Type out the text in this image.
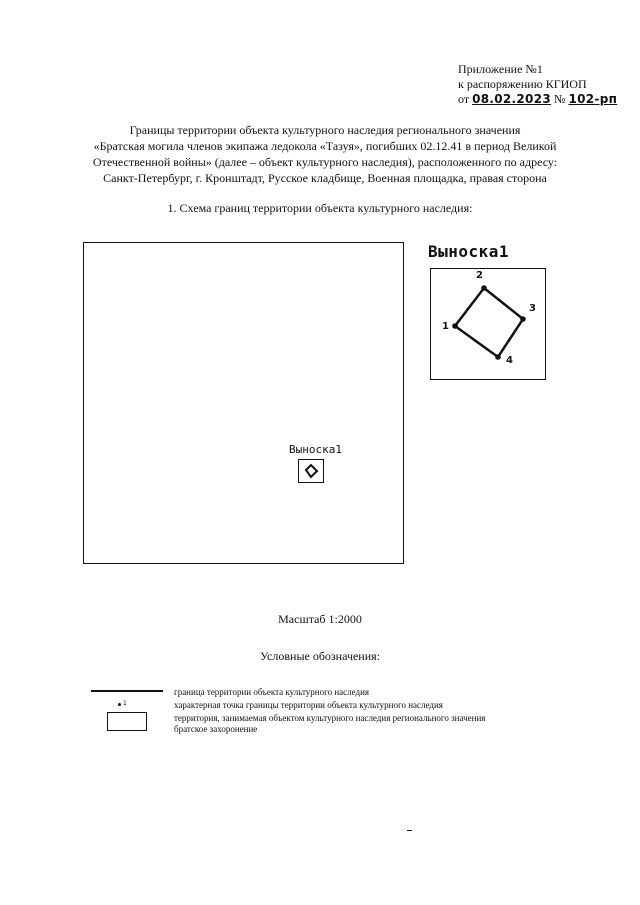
Приложение №1
к распоряжению КГИОП
от 08.02.2023 № 102-рп
Границы территории объекта культурного наследия регионального значения
«Братская могила членов экипажа ледокола «Тазуя», погибших 02.12.41 в период Великой
Отечественной войны» (далее – объект культурного наследия), расположенного по адресу:
Санкт-Петербург, г. Кронштадт, Русское кладбище, Военная площадка, правая сторона
1. Схема границ территории объекта культурного наследия:
Выноска1
Выноска1
1
2
3
4
Масштаб 1:2000
Условные обозначения:
1
граница территории объекта культурного наследия
характерная точка границы территории объекта культурного наследия
территория, занимаемая объектом культурного наследия регионального значения
братское захоронение
